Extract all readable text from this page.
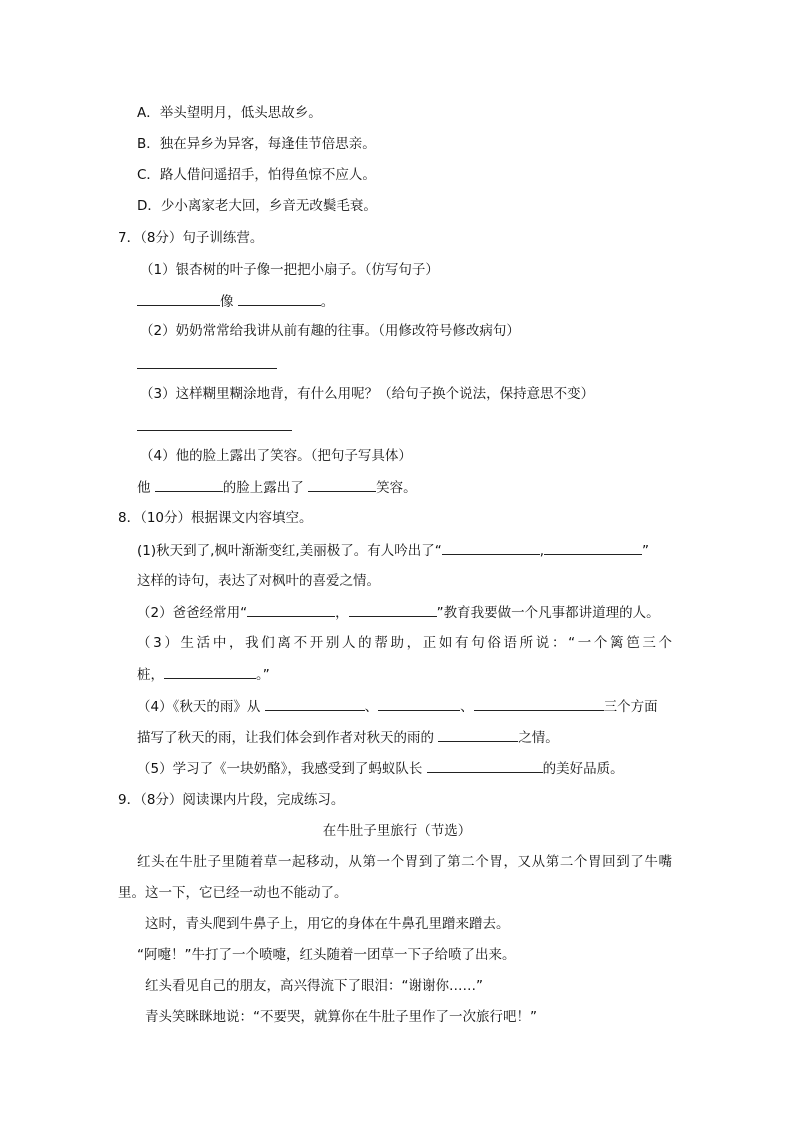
A．举头望明月，低头思故乡。
B．独在异乡为异客，每逢佳节倍思亲。
C．路人借问遥招手，怕得鱼惊不应人。
D．少小离家老大回，乡音无改鬓毛衰。
7．（8分）句子训练营。
（1）银杏树的叶子像一把把小扇子。（仿写句子）
像	。
（2）奶奶常常给我讲从前有趣的往事。（用修改符号修改病句）
（3）这样糊里糊涂地背，有什么用呢？（给句子换个说法，保持意思不变）
（4）他的脸上露出了笑容。（把句子写具体）
他	的脸上露出了	笑容。
8．（10分）根据课文内容填空。
(1)秋天到了,枫叶渐渐变红,美丽极了。有人吟出了“	,	”
这样的诗句，表达了对枫叶的喜爱之情。
（2）爸爸经常用“	，	”教育我要做一个凡事都讲道理的人。
（3）生活中，我们离不开别人的帮助，正如有句俗语所说：“一个篱笆三个
桩，	。”
（4）《秋天的雨》从	、	、	三个方面
描写了秋天的雨，让我们体会到作者对秋天的雨的	之情。
（5）学习了《一块奶酪》，我感受到了蚂蚁队长	的美好品质。
9．（8分）阅读课内片段，完成练习。
在牛肚子里旅行（节选）
红头在牛肚子里随着草一起移动，从第一个胃到了第二个胃，又从第二个胃回到了牛嘴
里。这一下，它已经一动也不能动了。
这时，青头爬到牛鼻子上，用它的身体在牛鼻孔里蹭来蹭去。
“阿嚏！”牛打了一个喷嚏，红头随着一团草一下子给喷了出来。
红头看见自己的朋友，高兴得流下了眼泪：“谢谢你……”
青头笑眯眯地说：“不要哭，就算你在牛肚子里作了一次旅行吧！”
